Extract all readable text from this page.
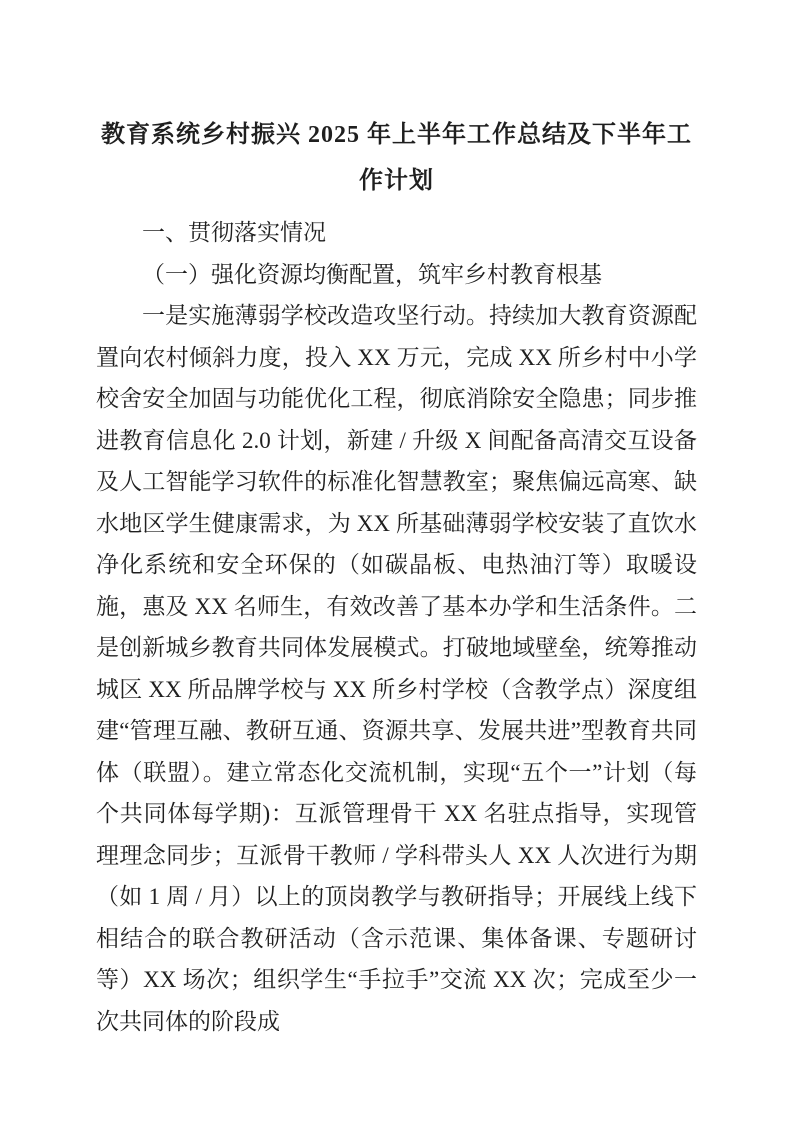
教育系统乡村振兴 2025 年上半年工作总结及下半年工作计划

一、贯彻落实情况

（一）强化资源均衡配置，筑牢乡村教育根基

一是实施薄弱学校改造攻坚行动。持续加大教育资源配置向农村倾斜力度，投入 XX 万元，完成 XX 所乡村中小学校舍安全加固与功能优化工程，彻底消除安全隐患；同步推进教育信息化 2.0 计划，新建 / 升级 X 间配备高清交互设备及人工智能学习软件的标准化智慧教室；聚焦偏远高寒、缺水地区学生健康需求，为 XX 所基础薄弱学校安装了直饮水净化系统和安全环保的（如碳晶板、电热油汀等）取暖设施，惠及 XX 名师生，有效改善了基本办学和生活条件。二是创新城乡教育共同体发展模式。打破地域壁垒，统筹推动城区 XX 所品牌学校与 XX 所乡村学校（含教学点）深度组建“管理互融、教研互通、资源共享、发展共进”型教育共同体（联盟）。建立常态化交流机制，实现“五个一”计划（每个共同体每学期)：互派管理骨干 XX 名驻点指导，实现管理理念同步；互派骨干教师 / 学科带头人 XX 人次进行为期（如 1 周 / 月）以上的顶岗教学与教研指导；开展线上线下相结合的联合教研活动（含示范课、集体备课、专题研讨等）XX 场次；组织学生“手拉手”交流 XX 次；完成至少一次共同体的阶段成
